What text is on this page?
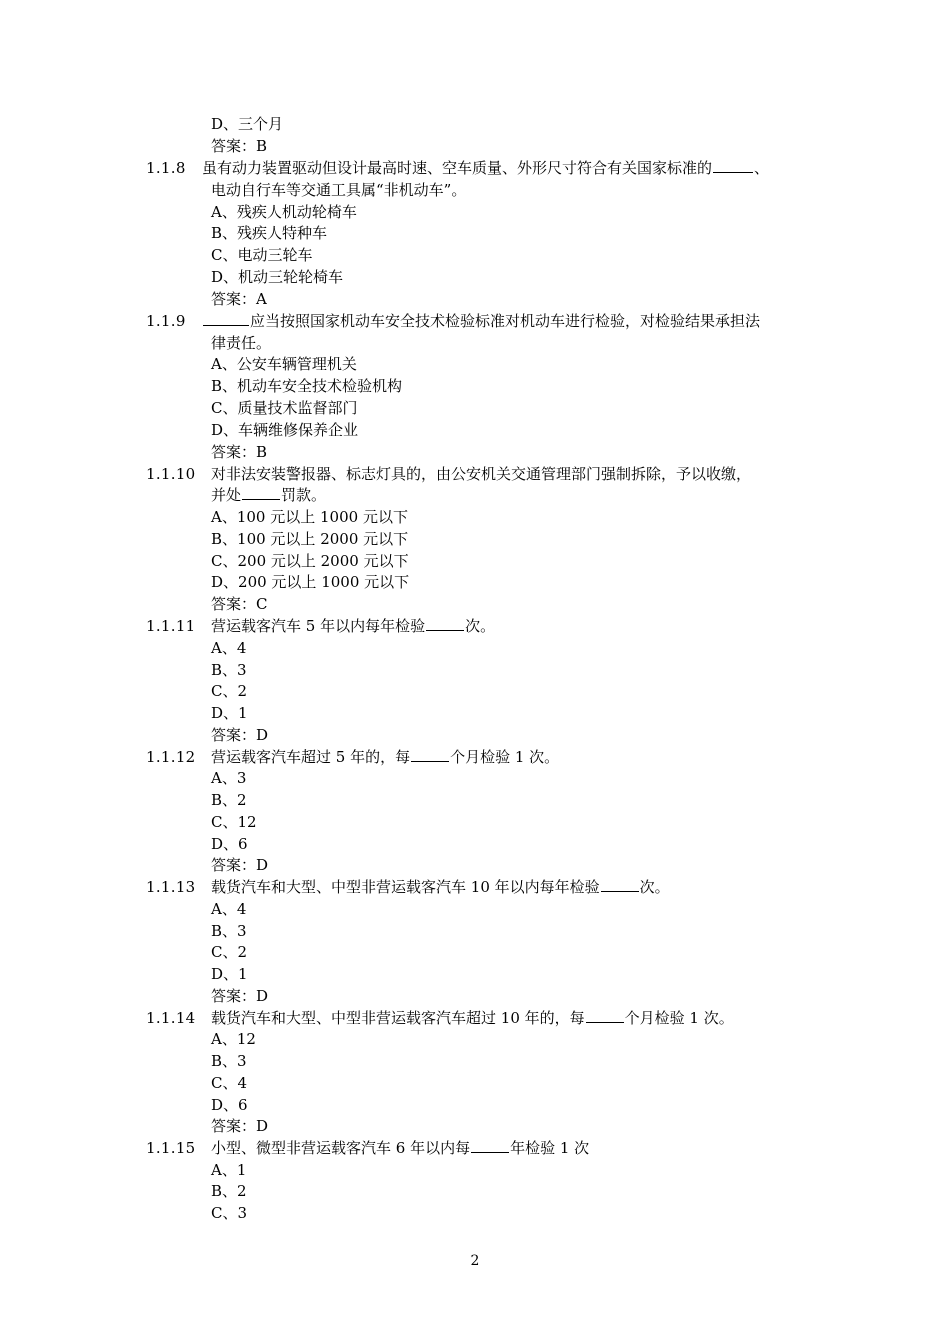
D、三个月
答案：B
1.1.8 虽有动力装置驱动但设计最高时速、空车质量、外形尺寸符合有关国家标准的	、
电动自行车等交通工具属“非机动车”。
A、残疾人机动轮椅车
B、残疾人特种车
C、电动三轮车
D、机动三轮轮椅车
答案：A
1.1.9	应当按照国家机动车安全技术检验标准对机动车进行检验，对检验结果承担法
律责任。
A、公安车辆管理机关
B、机动车安全技术检验机构
C、质量技术监督部门
D、车辆维修保养企业
答案：B
1.1.10 对非法安装警报器、标志灯具的，由公安机关交通管理部门强制拆除，予以收缴，
并处	罚款。
A、100 元以上 1000 元以下
B、100 元以上 2000 元以下
C、200 元以上 2000 元以下
D、200 元以上 1000 元以下
答案：C
1.1.11 营运载客汽车 5 年以内每年检验	次。
A、4
B、3
C、2
D、1
答案：D
1.1.12 营运载客汽车超过 5 年的，每	个月检验 1 次。
A、3
B、2
C、12
D、6
答案：D
1.1.13 载货汽车和大型、中型非营运载客汽车 10 年以内每年检验	次。
A、4
B、3
C、2
D、1
答案：D
1.1.14 载货汽车和大型、中型非营运载客汽车超过 10 年的，每	个月检验 1 次。
A、12
B、3
C、4
D、6
答案：D
1.1.15 小型、微型非营运载客汽车 6 年以内每	年检验 1 次
A、1
B、2
C、3
2
